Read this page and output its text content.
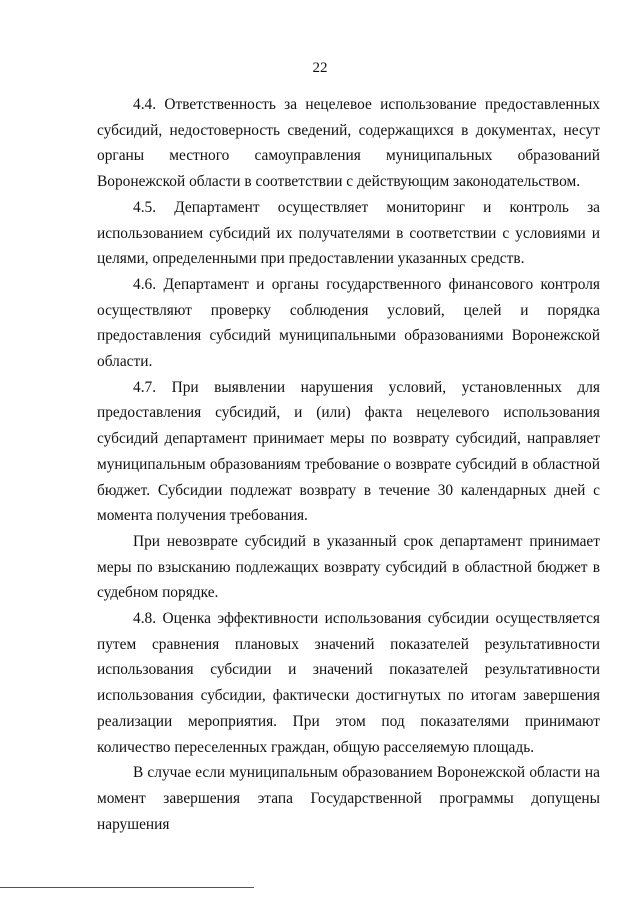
22

4.4. Ответственность за нецелевое использование предоставленных субсидий, недостоверность сведений, содержащихся в документах, несут органы местного самоуправления муниципальных образований Воронежской области в соответствии с действующим законодательством.

4.5. Департамент осуществляет мониторинг и контроль за использованием субсидий их получателями в соответствии с условиями и целями, определенными при предоставлении указанных средств.

4.6. Департамент и органы государственного финансового контроля осуществляют проверку соблюдения условий, целей и порядка предоставления субсидий муниципальными образованиями Воронежской области.

4.7. При выявлении нарушения условий, установленных для предоставления субсидий, и (или) факта нецелевого использования субсидий департамент принимает меры по возврату субсидий, направляет муниципальным образованиям требование о возврате субсидий в областной бюджет. Субсидии подлежат возврату в течение 30 календарных дней с момента получения требования.

При невозврате субсидий в указанный срок департамент принимает меры по взысканию подлежащих возврату субсидий в областной бюджет в судебном порядке.

4.8. Оценка эффективности использования субсидии осуществляется путем сравнения плановых значений показателей результативности использования субсидии и значений показателей результативности использования субсидии, фактически достигнутых по итогам завершения реализации мероприятия. При этом под показателями принимают количество переселенных граждан, общую расселяемую площадь.

В случае если муниципальным образованием Воронежской области на момент завершения этапа Государственной программы допущены нарушения
